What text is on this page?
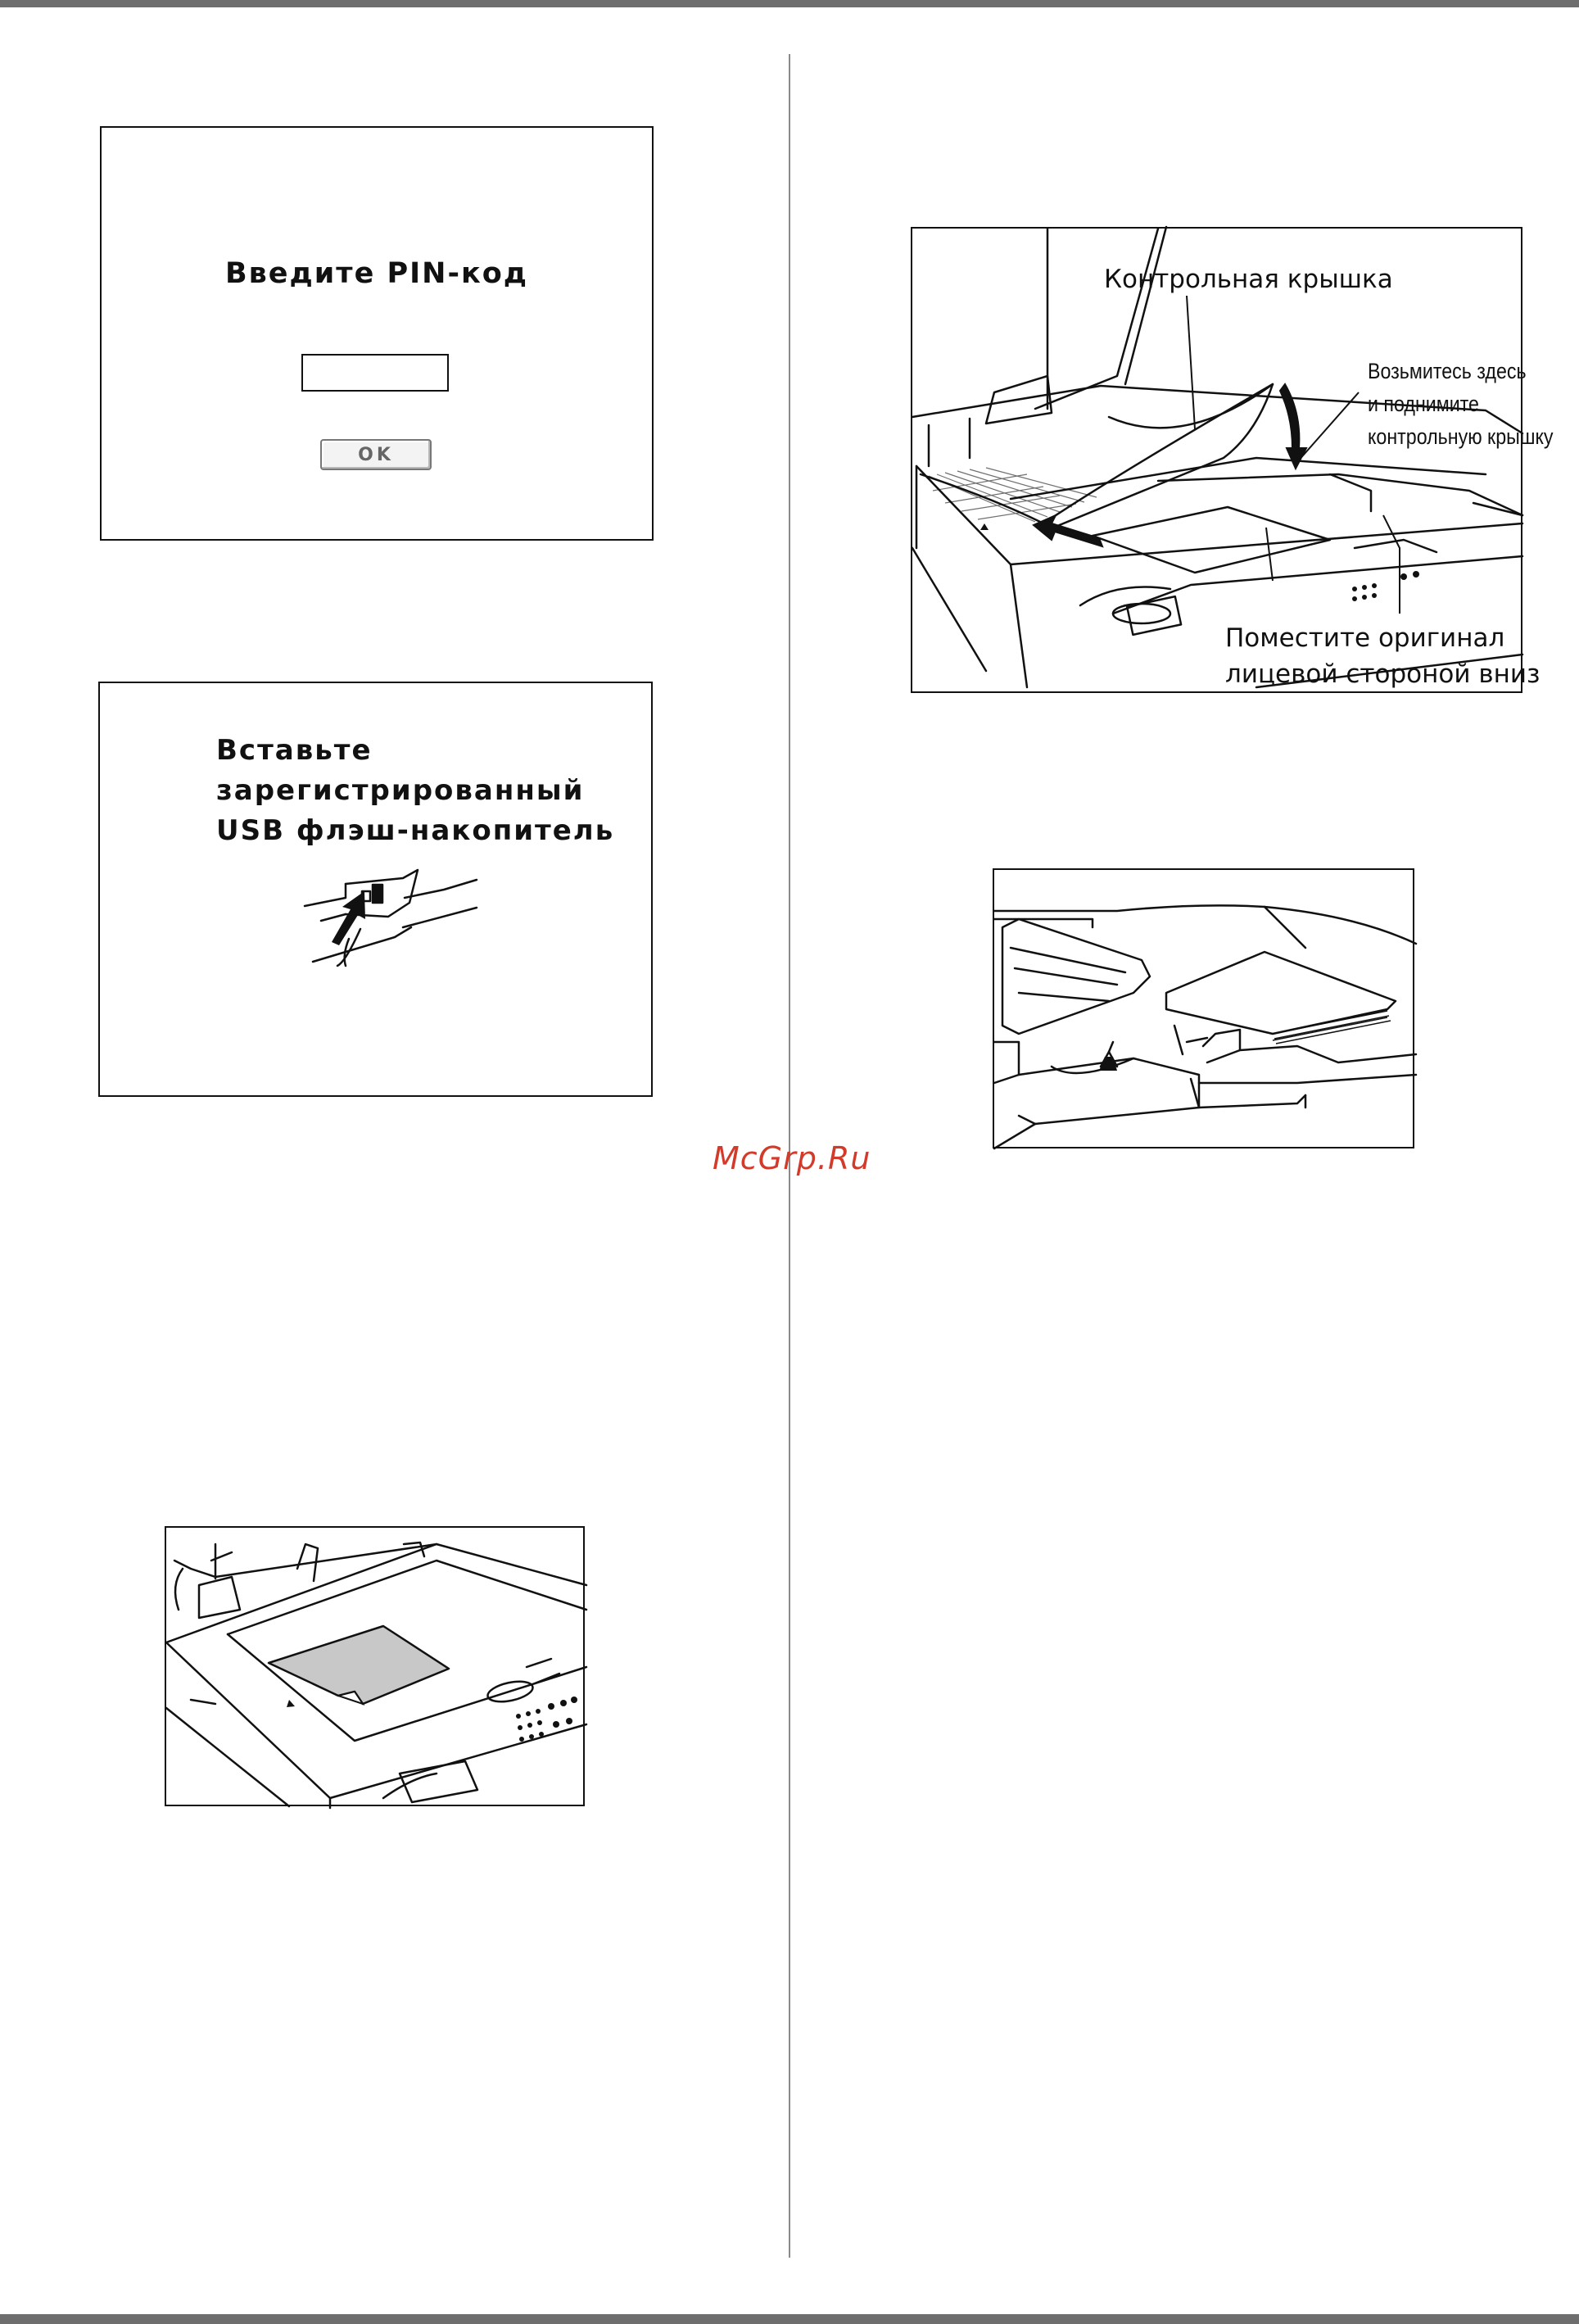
Введите PIN-код
OK

Вставьте
зарегистрированный
USB флэш-накопитель

Контрольная крышка
Возьмитесь здесь
и поднимите
контрольную крышку
Поместите оригинал
лицевой стороной вниз
McGrp.Ru
